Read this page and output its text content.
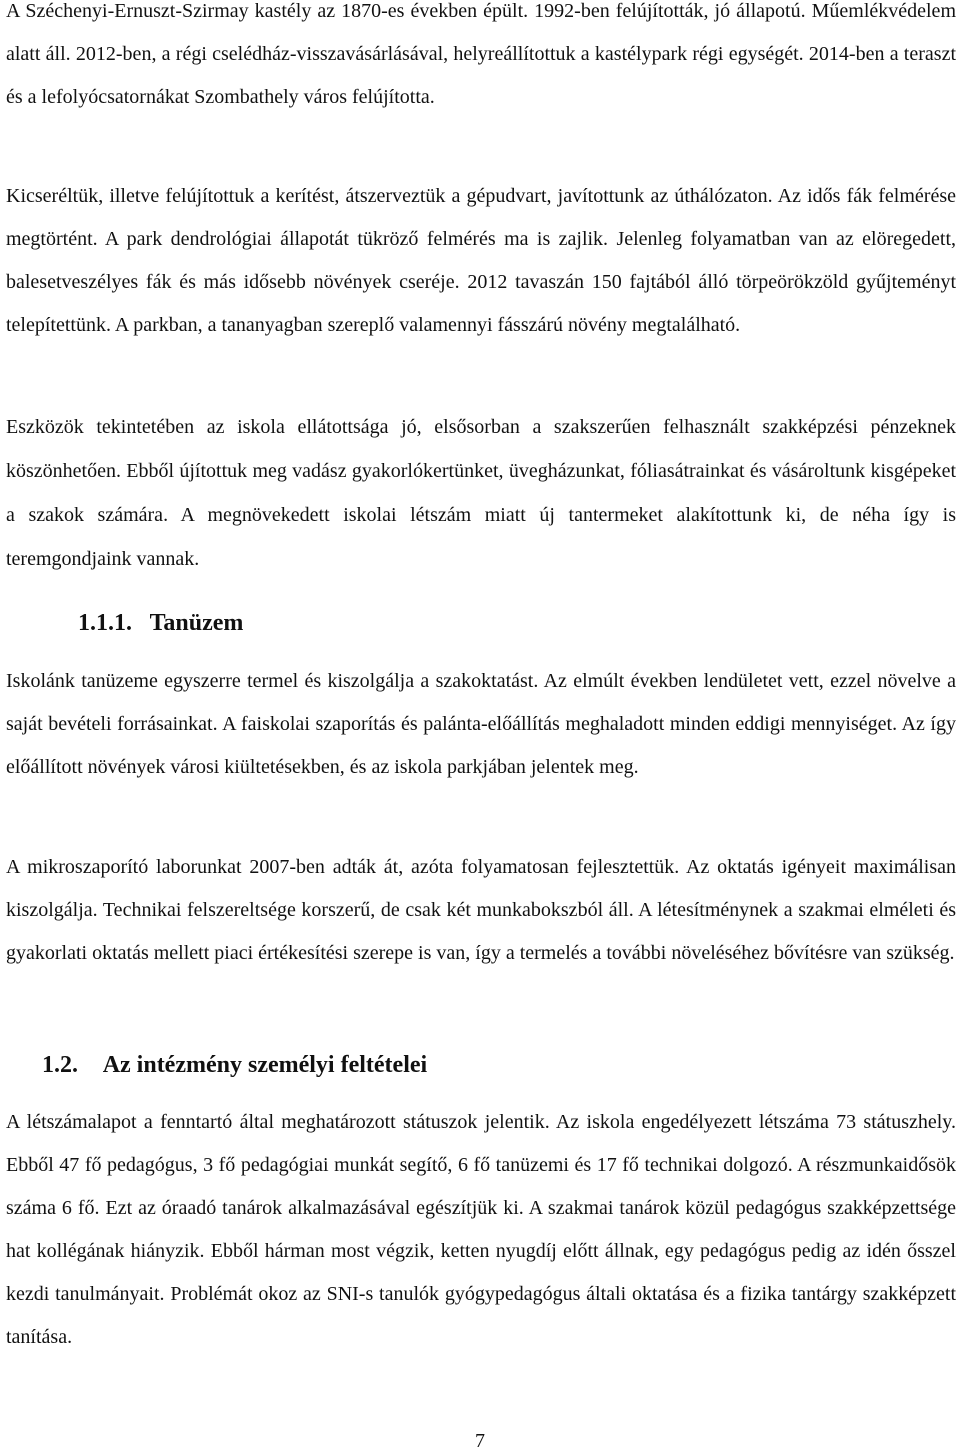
A Széchenyi-Ernuszt-Szirmay kastély az 1870-es években épült. 1992-ben felújították, jó állapotú. Műemlékvédelem alatt áll. 2012-ben, a régi cselédház-visszavásárlásával, helyreállítottuk a kastélypark régi egységét. 2014-ben a teraszt és a lefolyócsatornákat Szombathely város felújította.

Kicseréltük, illetve felújítottuk a kerítést, átszerveztük a gépudvart, javítottunk az úthálózaton. Az idős fák felmérése megtörtént. A park dendrológiai állapotát tükröző felmérés ma is zajlik. Jelenleg folyamatban van az elöregedett, balesetveszélyes fák és más idősebb növények cseréje. 2012 tavaszán 150 fajtából álló törpeörökzöld gyűjteményt telepítettünk. A parkban, a tananyagban szereplő valamennyi fásszárú növény megtalálható.

Eszközök tekintetében az iskola ellátottsága jó, elsősorban a szakszerűen felhasznált szakképzési pénzeknek köszönhetően. Ebből újítottuk meg vadász gyakorlókertünket, üvegházunkat, fóliasátrainkat és vásároltunk kisgépeket a szakok számára. A megnövekedett iskolai létszám miatt új tantermeket alakítottunk ki, de néha így is teremgondjaink vannak.

1.1.1. Tanüzem

Iskolánk tanüzeme egyszerre termel és kiszolgálja a szakoktatást. Az elmúlt években lendületet vett, ezzel növelve a saját bevételi forrásainkat. A faiskolai szaporítás és palánta-előállítás meghaladott minden eddigi mennyiséget. Az így előállított növények városi kiültetésekben, és az iskola parkjában jelentek meg.

A mikroszaporító laborunkat 2007-ben adták át, azóta folyamatosan fejlesztettük. Az oktatás igényeit maximálisan kiszolgálja. Technikai felszereltsége korszerű, de csak két munkabokszból áll. A létesítménynek a szakmai elméleti és gyakorlati oktatás mellett piaci értékesítési szerepe is van, így a termelés a további növeléséhez bővítésre van szükség.

1.2. Az intézmény személyi feltételei

A létszámalapot a fenntartó által meghatározott státuszok jelentik. Az iskola engedélyezett létszáma 73 státuszhely. Ebből 47 fő pedagógus, 3 fő pedagógiai munkát segítő, 6 fő tanüzemi és 17 fő technikai dolgozó. A részmunkaidősök száma 6 fő. Ezt az óraadó tanárok alkalmazásával egészítjük ki. A szakmai tanárok közül pedagógus szakképzettsége hat kollégának hiányzik. Ebből hárman most végzik, ketten nyugdíj előtt állnak, egy pedagógus pedig az idén ősszel kezdi tanulmányait. Problémát okoz az SNI-s tanulók gyógypedagógus általi oktatása és a fizika tantárgy szakképzett tanítása.

7
